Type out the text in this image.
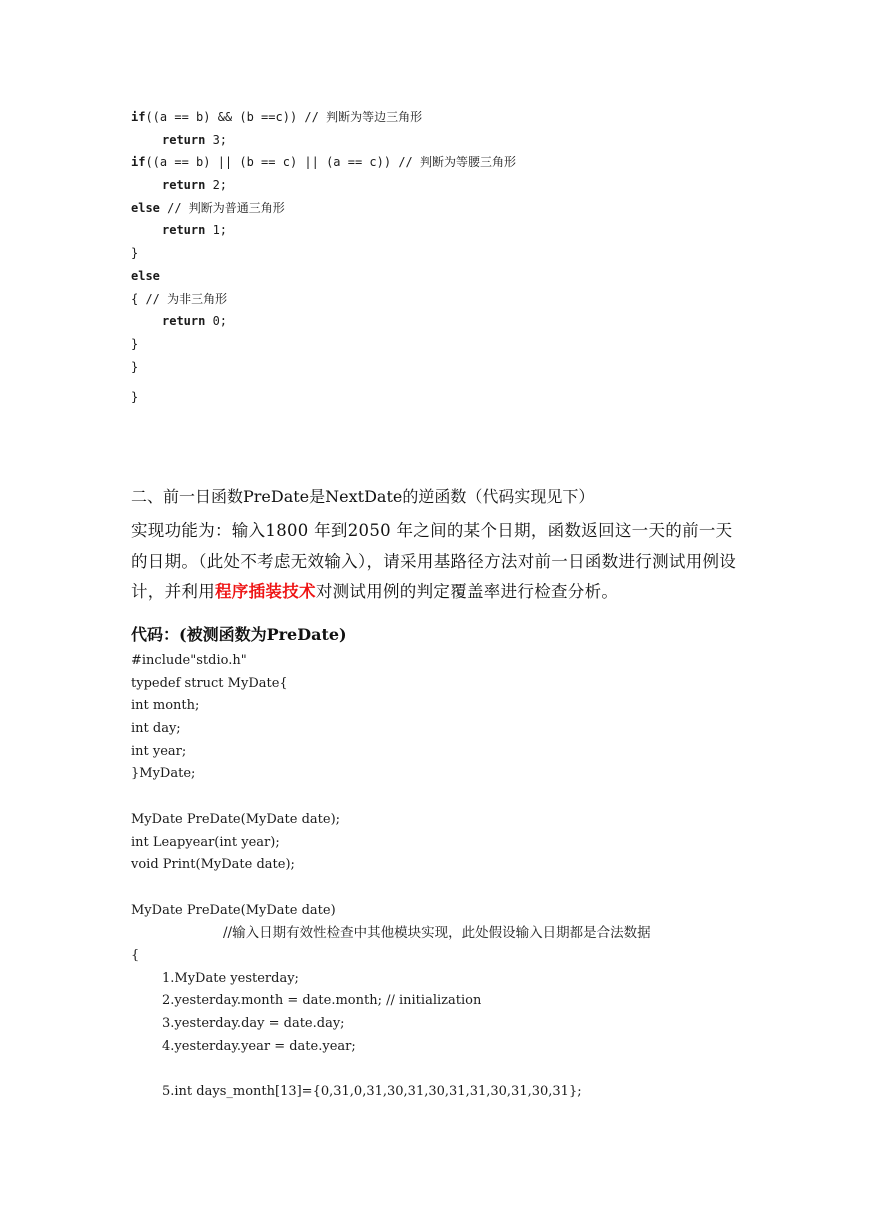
if((a == b) && (b ==c)) // 判断为等边三角形
return 3;
if((a == b) || (b == c) || (a == c)) // 判断为等腰三角形
return 2;
else // 判断为普通三角形
return 1;
}
else
{ // 为非三角形
return 0;
}
}
}
二、前一日函数PreDate是NextDate的逆函数（代码实现见下）
实现功能为：输入1800 年到2050 年之间的某个日期，函数返回这一天的前一天的日期。（此处不考虑无效输入），请采用基路径方法对前一日函数进行测试用例设计，并利用程序插装技术对测试用例的判定覆盖率进行检查分析。
代码：(被测函数为PreDate)
#include"stdio.h"
typedef struct MyDate{
int month;
int day;
int year;
}MyDate;
MyDate PreDate(MyDate date);
int Leapyear(int year);
void Print(MyDate date);
MyDate PreDate(MyDate date)
//输入日期有效性检查中其他模块实现，此处假设输入日期都是合法数据
{
1.MyDate yesterday;
2.yesterday.month = date.month; // initialization
3.yesterday.day = date.day;
4.yesterday.year = date.year;
5.int days_month[13]={0,31,0,31,30,31,30,31,31,30,31,30,31};
